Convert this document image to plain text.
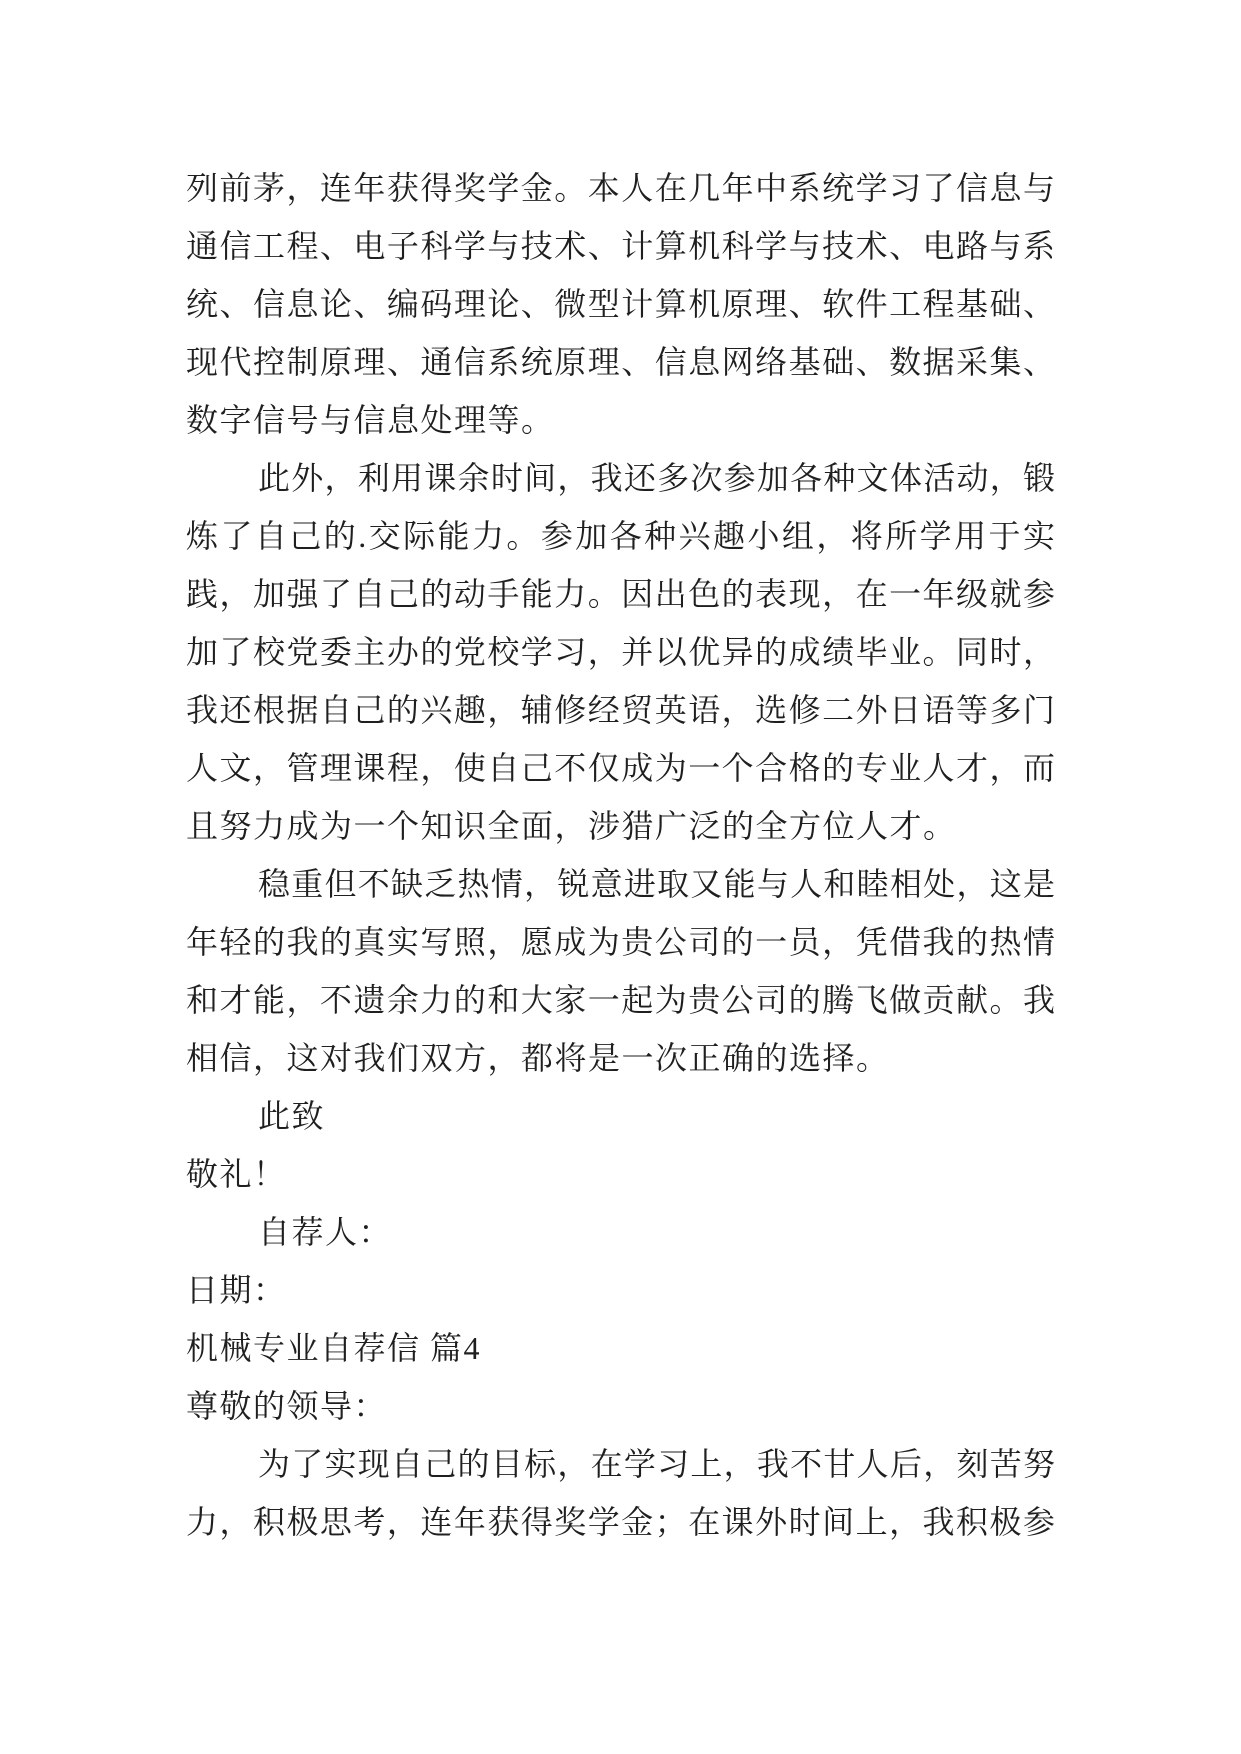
列前茅，连年获得奖学金。本人在几年中系统学习了信息与
通信工程、电子科学与技术、计算机科学与技术、电路与系
统、信息论、编码理论、微型计算机原理、软件工程基础、
现代控制原理、通信系统原理、信息网络基础、数据采集、
数字信号与信息处理等。
此外，利用课余时间，我还多次参加各种文体活动，锻
炼了自己的.交际能力。参加各种兴趣小组，将所学用于实
践，加强了自己的动手能力。因出色的表现，在一年级就参
加了校党委主办的党校学习，并以优异的成绩毕业。同时，
我还根据自己的兴趣，辅修经贸英语，选修二外日语等多门
人文，管理课程，使自己不仅成为一个合格的专业人才，而
且努力成为一个知识全面，涉猎广泛的全方位人才。
稳重但不缺乏热情，锐意进取又能与人和睦相处，这是
年轻的我的真实写照，愿成为贵公司的一员，凭借我的热情
和才能，不遗余力的和大家一起为贵公司的腾飞做贡献。我
相信，这对我们双方，都将是一次正确的选择。
此致
敬礼！
自荐人：
日期：
机械专业自荐信 篇4
尊敬的领导：
为了实现自己的目标，在学习上，我不甘人后，刻苦努
力，积极思考，连年获得奖学金；在课外时间上，我积极参
